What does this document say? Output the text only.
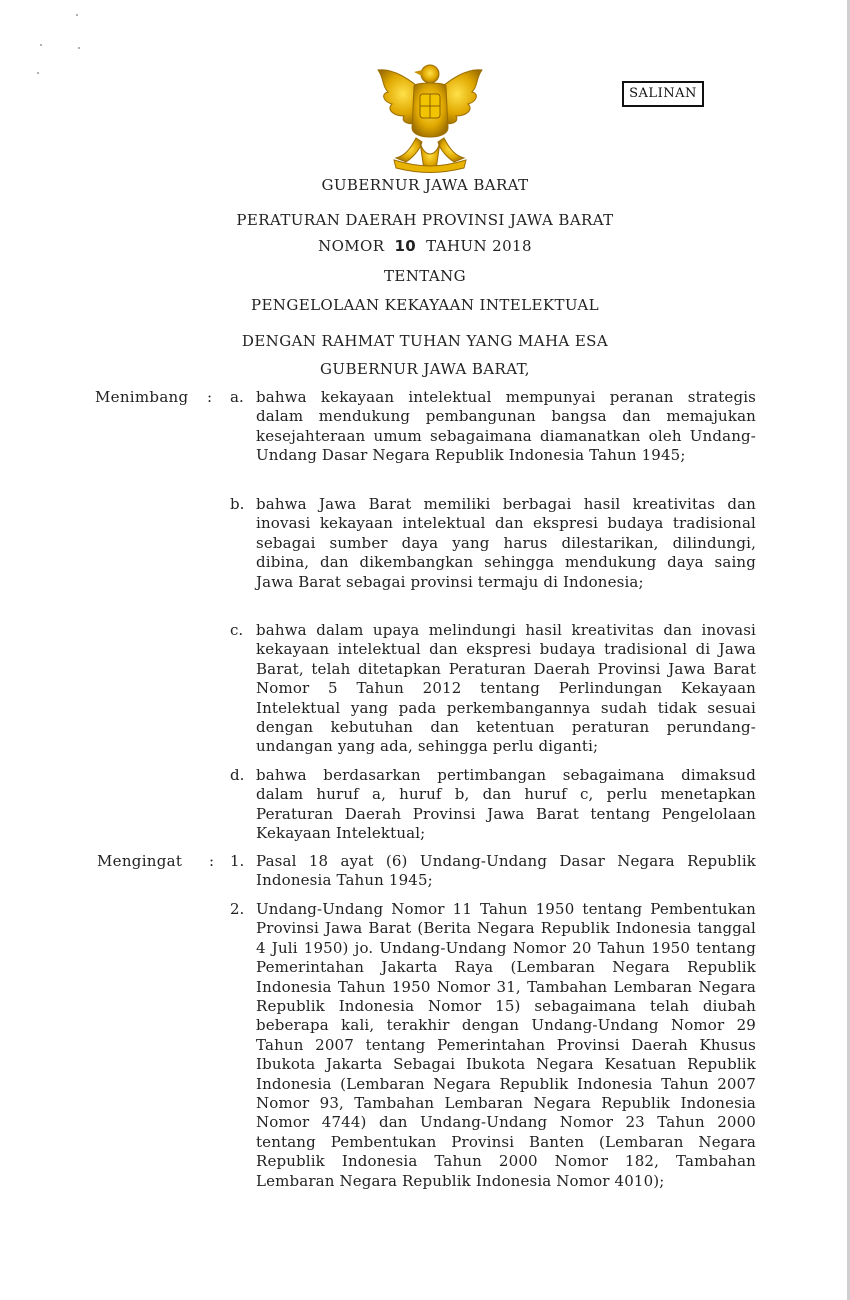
SALINAN
GUBERNUR JAWA BARAT
PERATURAN DAERAH PROVINSI JAWA BARAT
NOMOR 10 TAHUN 2018
TENTANG
PENGELOLAAN KEKAYAAN INTELEKTUAL
DENGAN RAHMAT TUHAN YANG MAHA ESA
GUBERNUR JAWA BARAT,
Menimbang : a. bahwa kekayaan intelektual mempunyai peranan strategis dalam mendukung pembangunan bangsa dan memajukan kesejahteraan umum sebagaimana diamanatkan oleh Undang-Undang Dasar Negara Republik Indonesia Tahun 1945;
b. bahwa Jawa Barat memiliki berbagai hasil kreativitas dan inovasi kekayaan intelektual dan ekspresi budaya tradisional sebagai sumber daya yang harus dilestarikan, dilindungi, dibina, dan dikembangkan sehingga mendukung daya saing Jawa Barat sebagai provinsi termaju di Indonesia;
c. bahwa dalam upaya melindungi hasil kreativitas dan inovasi kekayaan intelektual dan ekspresi budaya tradisional di Jawa Barat, telah ditetapkan Peraturan Daerah Provinsi Jawa Barat Nomor 5 Tahun 2012 tentang Perlindungan Kekayaan Intelektual yang pada perkembangannya sudah tidak sesuai dengan kebutuhan dan ketentuan peraturan perundang-undangan yang ada, sehingga perlu diganti;
d. bahwa berdasarkan pertimbangan sebagaimana dimaksud dalam huruf a, huruf b, dan huruf c, perlu menetapkan Peraturan Daerah Provinsi Jawa Barat tentang Pengelolaan Kekayaan Intelektual;
Mengingat : 1. Pasal 18 ayat (6) Undang-Undang Dasar Negara Republik Indonesia Tahun 1945;
2. Undang-Undang Nomor 11 Tahun 1950 tentang Pembentukan Provinsi Jawa Barat (Berita Negara Republik Indonesia tanggal 4 Juli 1950) jo. Undang-Undang Nomor 20 Tahun 1950 tentang Pemerintahan Jakarta Raya (Lembaran Negara Republik Indonesia Tahun 1950 Nomor 31, Tambahan Lembaran Negara Republik Indonesia Nomor 15) sebagaimana telah diubah beberapa kali, terakhir dengan Undang-Undang Nomor 29 Tahun 2007 tentang Pemerintahan Provinsi Daerah Khusus Ibukota Jakarta Sebagai Ibukota Negara Kesatuan Republik Indonesia (Lembaran Negara Republik Indonesia Tahun 2007 Nomor 93, Tambahan Lembaran Negara Republik Indonesia Nomor 4744) dan Undang-Undang Nomor 23 Tahun 2000 tentang Pembentukan Provinsi Banten (Lembaran Negara Republik Indonesia Tahun 2000 Nomor 182, Tambahan Lembaran Negara Republik Indonesia Nomor 4010);
